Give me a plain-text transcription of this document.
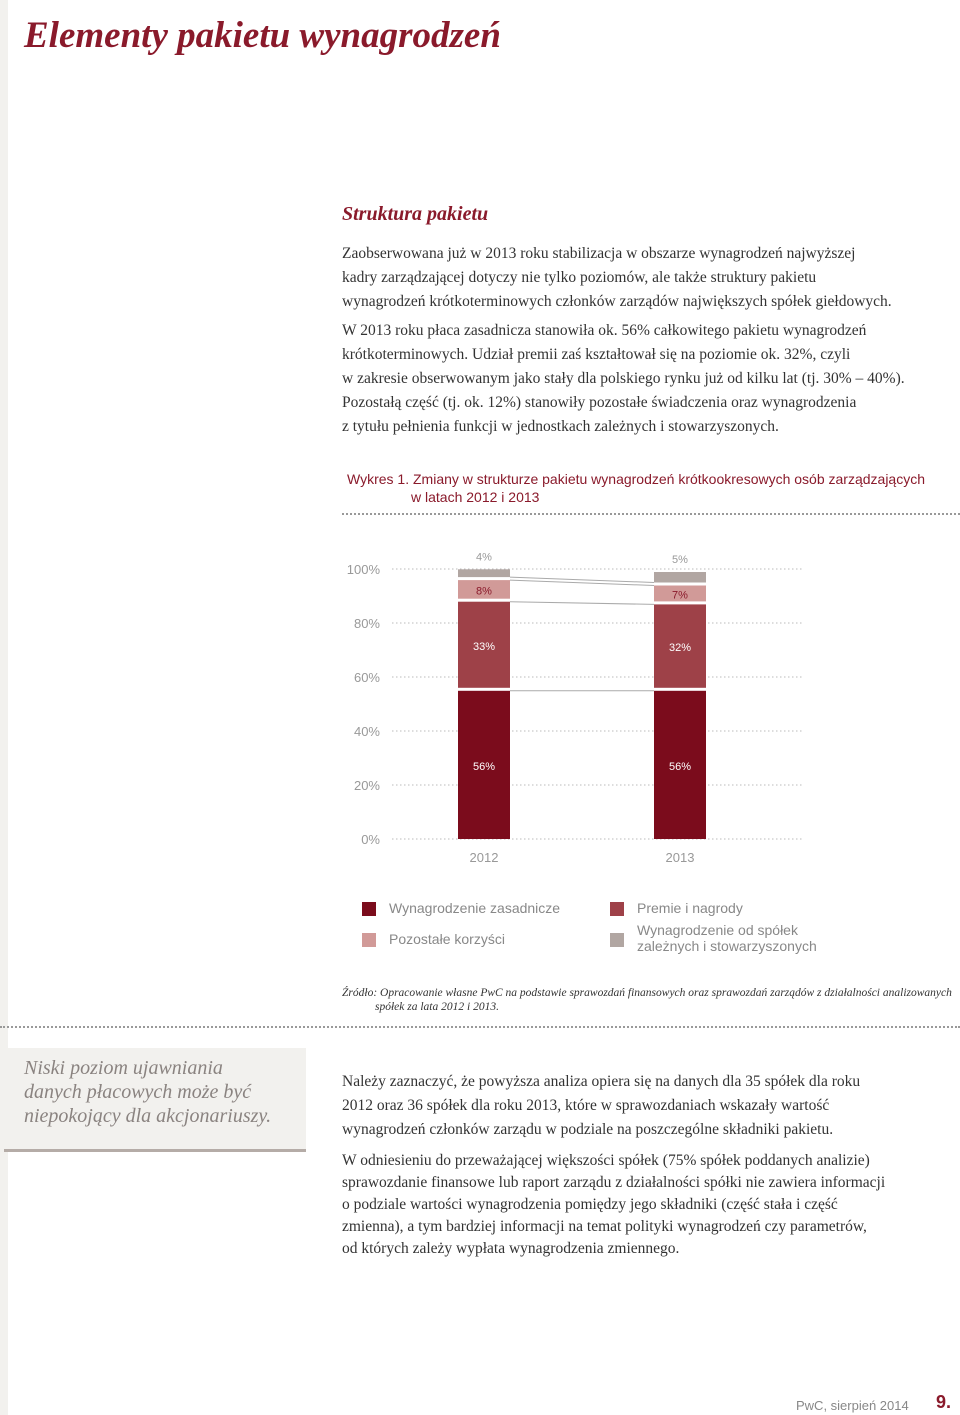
Elementy pakietu wynagrodzeń
Struktura pakietu

Zaobserwowana już w 2013 roku stabilizacja w obszarze wynagrodzeń najwyższej

kadry zarządzającej dotyczy nie tylko poziomów, ale także struktury pakietu

wynagrodzeń krótkoterminowych członków zarządów największych spółek giełdowych.

W 2013 roku płaca zasadnicza stanowiła ok. 56% całkowitego pakietu wynagrodzeń

krótkoterminowych. Udział premii zaś kształtował się na poziomie ok. 32%, czyli

w zakresie obserwowanym jako stały dla polskiego rynku już od kilku lat (tj. 30% – 40%).

Pozostałą część (tj. ok. 12%) stanowiły pozostałe świadczenia oraz wynagrodzenia

z tytułu pełnienia funkcji w jednostkach zależnych i stowarzyszonych.

Wykres 1. Zmiany w strukturze pakietu wynagrodzeń krótkookresowych osób zarządzających

w latach 2012 i 2013

0%
20%
40%
60%
80%
100%
56%
33%
8%
4%
2012
56%
32%
7%
5%
2013
Wynagrodzenie zasadnicze	Premie i nagrody
Pozostałe korzyści
Wynagrodzenie od spółek
zależnych i stowarzyszonych

Źródło: Opracowanie własne PwC na podstawie sprawozdań finansowych oraz sprawozdań zarządów z działalności analizowanych

spółek za lata 2012 i 2013.

Niski poziom ujawniania

danych płacowych może być

niepokojący dla akcjonariuszy.

Należy zaznaczyć, że powyższa analiza opiera się na danych dla 35 spółek dla roku

2012 oraz 36 spółek dla roku 2013, które w sprawozdaniach wskazały wartość

wynagrodzeń członków zarządu w podziale na poszczególne składniki pakietu.

W odniesieniu do przeważającej większości spółek (75% spółek poddanych analizie)

sprawozdanie finansowe lub raport zarządu z działalności spółki nie zawiera informacji

o podziale wartości wynagrodzenia pomiędzy jego składniki (część stała i część

zmienna), a tym bardziej informacji na temat polityki wynagrodzeń czy parametrów,

od których zależy wypłata wynagrodzenia zmiennego.

PwC, sierpień 2014 9.
